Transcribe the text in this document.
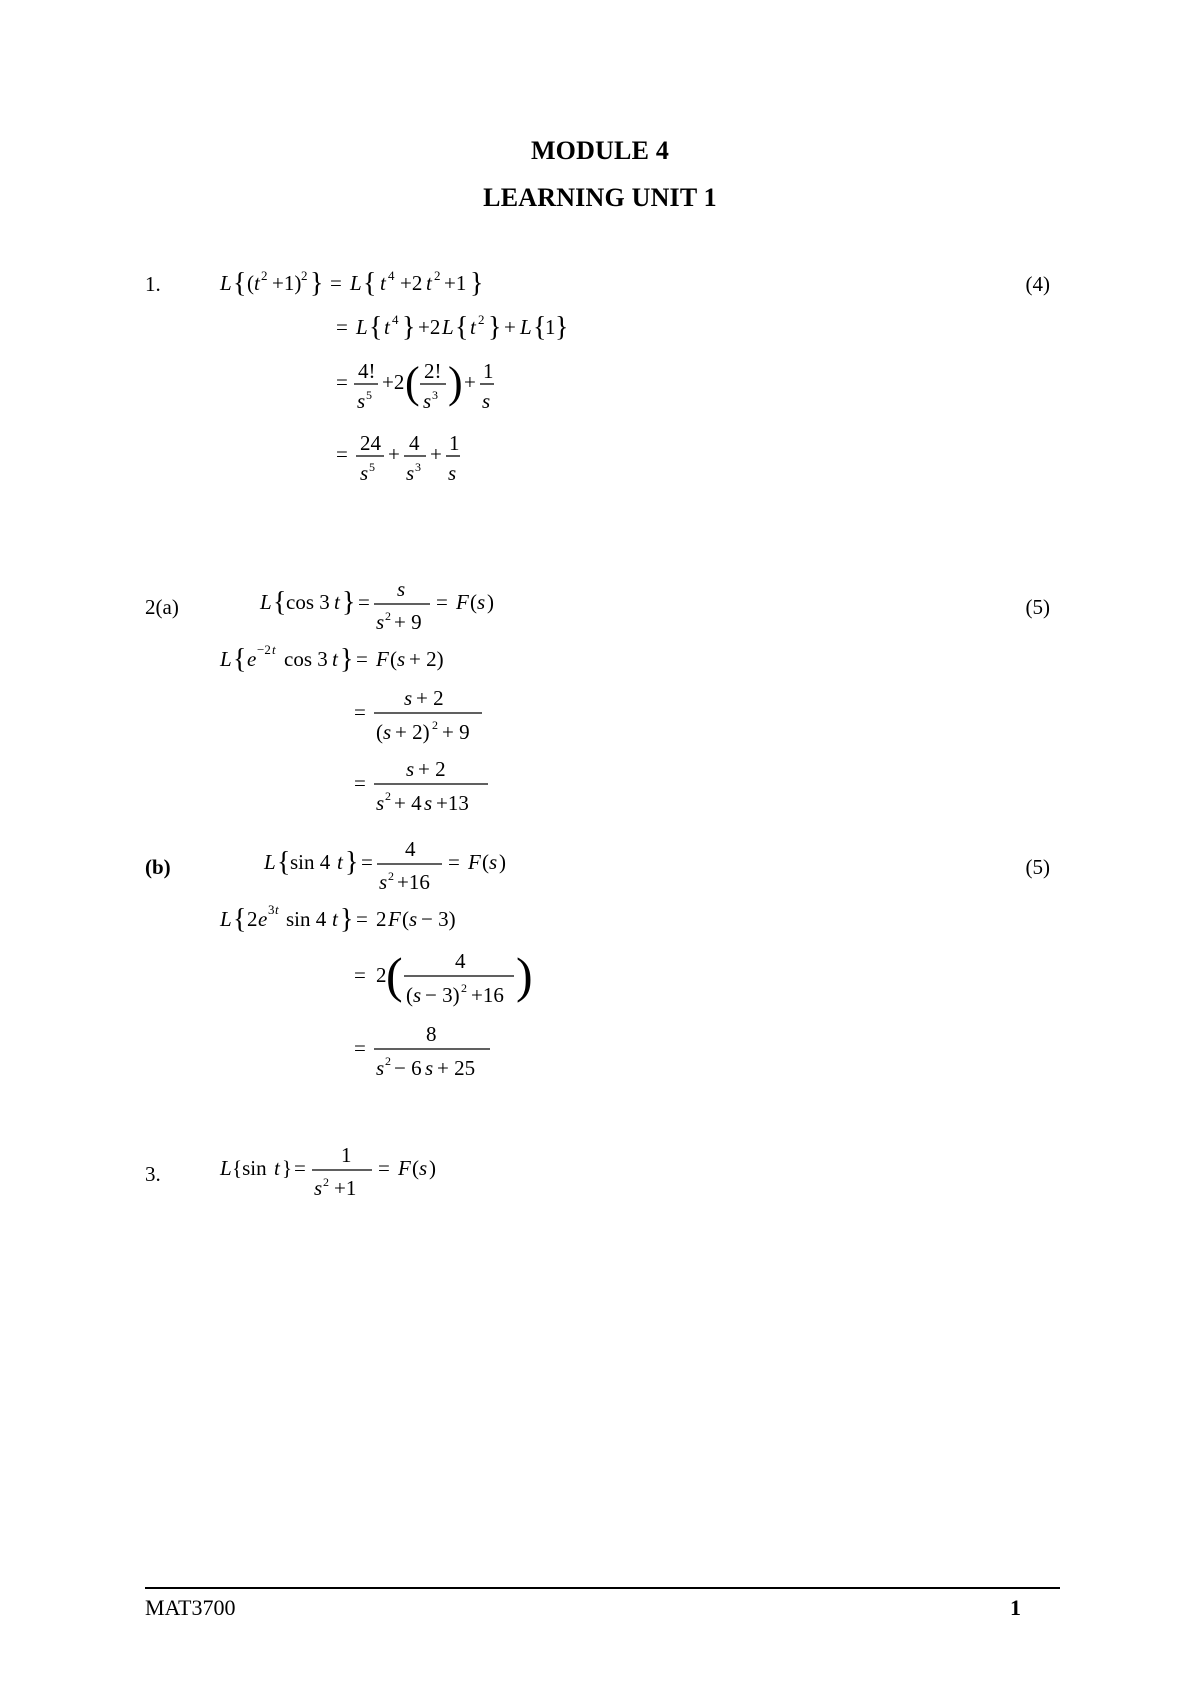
MODULE 4
LEARNING UNIT 1
1.	(4)
L { ( t 2 +1) 2 } = L { t 4 +2 t 2 +1 }
= L { t 4 } +2 L { t 2 } + L {
1 }
= 4!
s 5
+2 ( 2!
s 3 ) + 1
s
= 24
s 5
+ 4
s 3
+ 1
s
2(a)	(5)
L { cos 3 t } =
s
s 2 + 9
= F ( s )
L { e −2 t cos 3 t } = F ( s + 2)
=
s + 2
( s + 2) 2 + 9
=
s + 2
s 2 + 4 s +13
(b)	(5)
L { sin 4 t } =
4
s 2 +16
= F ( s )
L { 2 e 3 t sin 4 t } = 2 F ( s − 3)
= 2 ( 4
( s − 3) 2 +16 )
=
8
s 2 − 6 s + 25
3.	L {sin t } =
1
s 2 +1
= F ( s )
MAT3700	1
